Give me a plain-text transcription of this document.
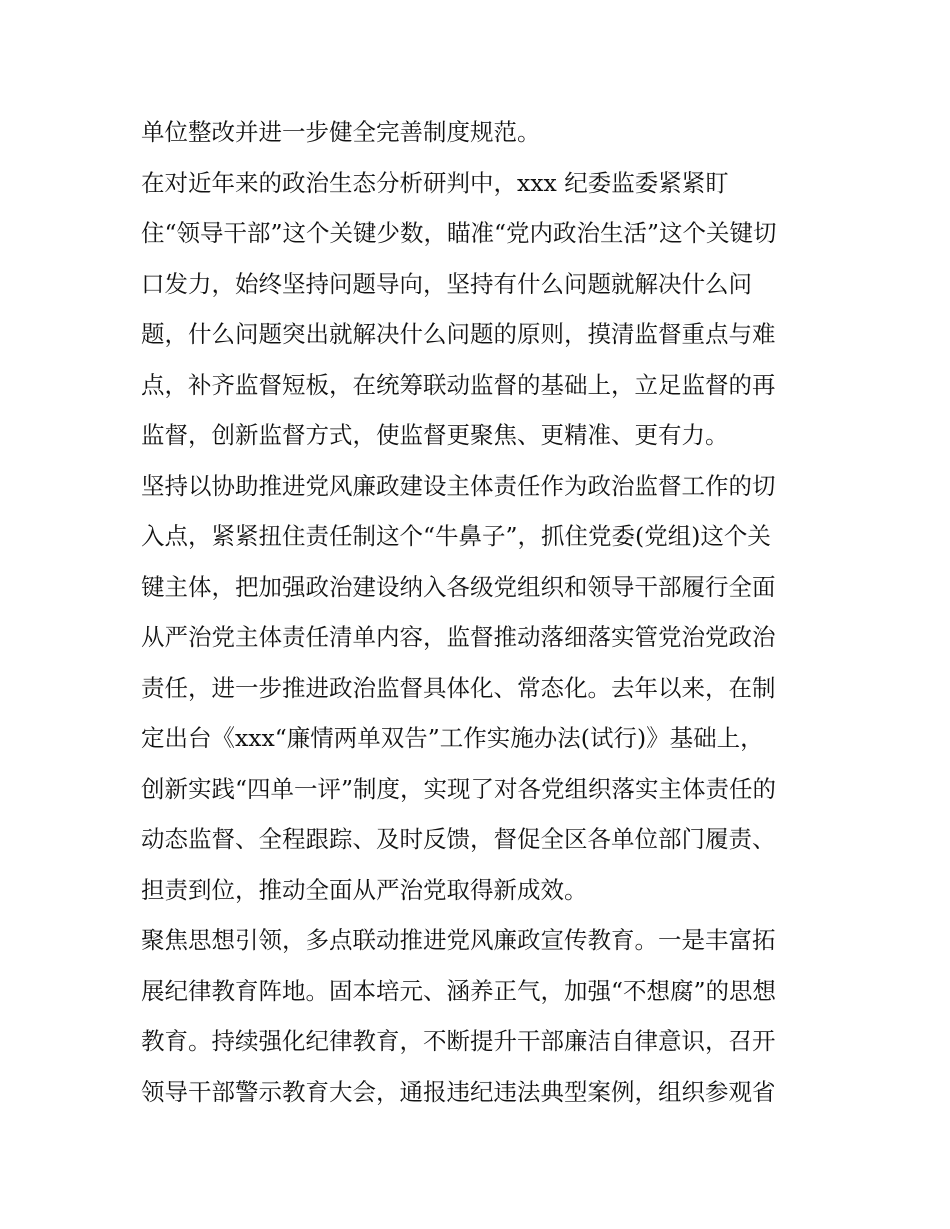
单位整改并进一步健全完善制度规范。
在对近年来的政治生态分析研判中，xxx 纪委监委紧紧盯
住“领导干部”这个关键少数，瞄准“党内政治生活”这个关键切
口发力，始终坚持问题导向，坚持有什么问题就解决什么问
题，什么问题突出就解决什么问题的原则，摸清监督重点与难
点，补齐监督短板，在统筹联动监督的基础上，立足监督的再
监督，创新监督方式，使监督更聚焦、更精准、更有力。
坚持以协助推进党风廉政建设主体责任作为政治监督工作的切
入点，紧紧扭住责任制这个“牛鼻子”，抓住党委(党组)这个关
键主体，把加强政治建设纳入各级党组织和领导干部履行全面
从严治党主体责任清单内容，监督推动落细落实管党治党政治
责任，进一步推进政治监督具体化、常态化。去年以来，在制
定出台《xxx“廉情两单双告”工作实施办法(试行)》基础上，
创新实践“四单一评”制度，实现了对各党组织落实主体责任的
动态监督、全程跟踪、及时反馈，督促全区各单位部门履责、
担责到位，推动全面从严治党取得新成效。
聚焦思想引领，多点联动推进党风廉政宣传教育。一是丰富拓
展纪律教育阵地。固本培元、涵养正气，加强“不想腐”的思想
教育。持续强化纪律教育，不断提升干部廉洁自律意识，召开
领导干部警示教育大会，通报违纪违法典型案例，组织参观省
